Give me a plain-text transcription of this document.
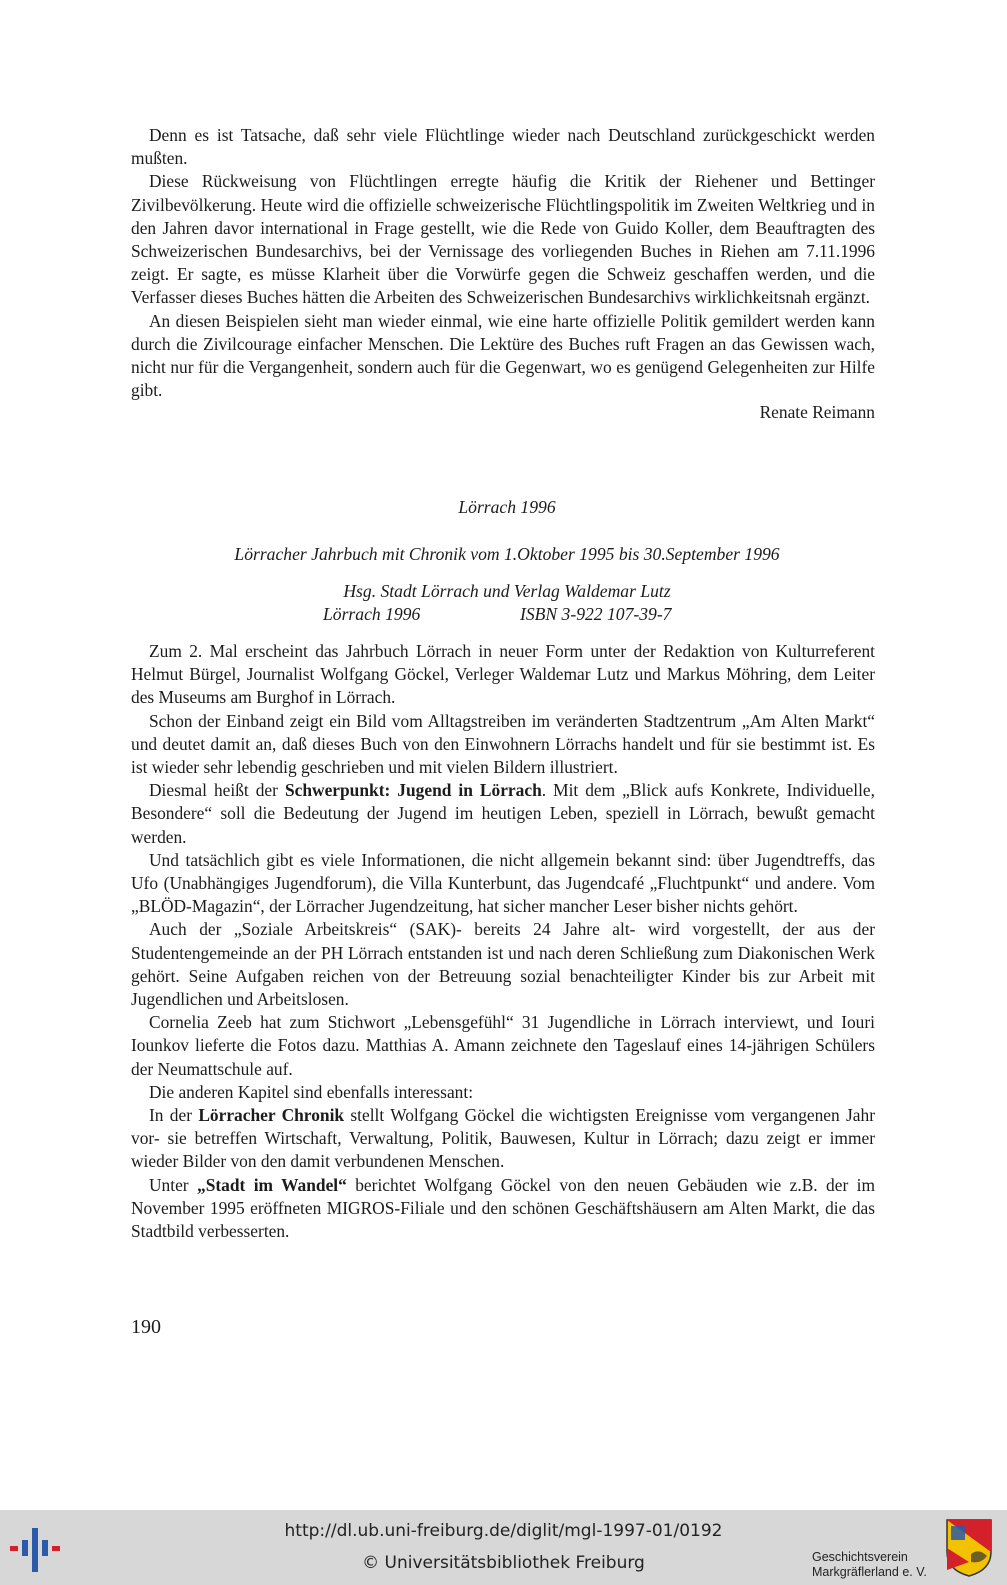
Denn es ist Tatsache, daß sehr viele Flüchtlinge wieder nach Deutschland zurückgeschickt werden mußten.

Diese Rückweisung von Flüchtlingen erregte häufig die Kritik der Riehener und Bettinger Zivilbevölkerung. Heute wird die offizielle schweizerische Flüchtlingspolitik im Zweiten Weltkrieg und in den Jahren davor international in Frage gestellt, wie die Rede von Guido Koller, dem Beauftragten des Schweizerischen Bundesarchivs, bei der Vernissage des vorliegenden Buches in Riehen am 7.11.1996 zeigt. Er sagte, es müsse Klarheit über die Vorwürfe gegen die Schweiz geschaffen werden, und die Verfasser dieses Buches hätten die Arbeiten des Schweizerischen Bundesarchivs wirklichkeitsnah ergänzt.

An diesen Beispielen sieht man wieder einmal, wie eine harte offizielle Politik gemildert werden kann durch die Zivilcourage einfacher Menschen. Die Lektüre des Buches ruft Fragen an das Gewissen wach, nicht nur für die Vergangenheit, sondern auch für die Gegenwart, wo es genügend Gelegenheiten zur Hilfe gibt.

Renate Reimann

Lörrach 1996

Lörracher Jahrbuch mit Chronik vom 1.Oktober 1995 bis 30.September 1996

Hsg. Stadt Lörrach und Verlag Waldemar Lutz

Lörrach 1996	ISBN 3-922 107-39-7

Zum 2. Mal erscheint das Jahrbuch Lörrach in neuer Form unter der Redaktion von Kulturreferent Helmut Bürgel, Journalist Wolfgang Göckel, Verleger Waldemar Lutz und Markus Möhring, dem Leiter des Museums am Burghof in Lörrach.

Schon der Einband zeigt ein Bild vom Alltagstreiben im veränderten Stadtzentrum „Am Alten Markt“ und deutet damit an, daß dieses Buch von den Einwohnern Lörrachs handelt und für sie bestimmt ist. Es ist wieder sehr lebendig geschrieben und mit vielen Bildern illustriert.

Diesmal heißt der Schwerpunkt: Jugend in Lörrach. Mit dem „Blick aufs Konkrete, Individuelle, Besondere“ soll die Bedeutung der Jugend im heutigen Leben, speziell in Lörrach, bewußt gemacht werden.

Und tatsächlich gibt es viele Informationen, die nicht allgemein bekannt sind: über Jugendtreffs, das Ufo (Unabhängiges Jugendforum), die Villa Kunterbunt, das Jugendcafé „Fluchtpunkt“ und andere. Vom „BLÖD-Magazin“, der Lörracher Jugendzeitung, hat sicher mancher Leser bisher nichts gehört.

Auch der „Soziale Arbeitskreis“ (SAK)- bereits 24 Jahre alt- wird vorgestellt, der aus der Studentengemeinde an der PH Lörrach entstanden ist und nach deren Schließung zum Diakonischen Werk gehört. Seine Aufgaben reichen von der Betreuung sozial benachteiligter Kinder bis zur Arbeit mit Jugendlichen und Arbeitslosen.

Cornelia Zeeb hat zum Stichwort „Lebensgefühl“ 31 Jugendliche in Lörrach interviewt, und Iouri Iounkov lieferte die Fotos dazu. Matthias A. Amann zeichnete den Tageslauf eines 14-jährigen Schülers der Neumattschule auf.

Die anderen Kapitel sind ebenfalls interessant:

In der Lörracher Chronik stellt Wolfgang Göckel die wichtigsten Ereignisse vom vergangenen Jahr vor- sie betreffen Wirtschaft, Verwaltung, Politik, Bauwesen, Kultur in Lörrach; dazu zeigt er immer wieder Bilder von den damit verbundenen Menschen.

Unter „Stadt im Wandel“ berichtet Wolfgang Göckel von den neuen Gebäuden wie z.B. der im November 1995 eröffneten MIGROS-Filiale und den schönen Geschäftshäusern am Alten Markt, die das Stadtbild verbesserten.

190
http://dl.ub.uni-freiburg.de/diglit/mgl-1997-01/0192
© Universitätsbibliothek Freiburg	Geschichtsverein
Markgräflerland e. V.
